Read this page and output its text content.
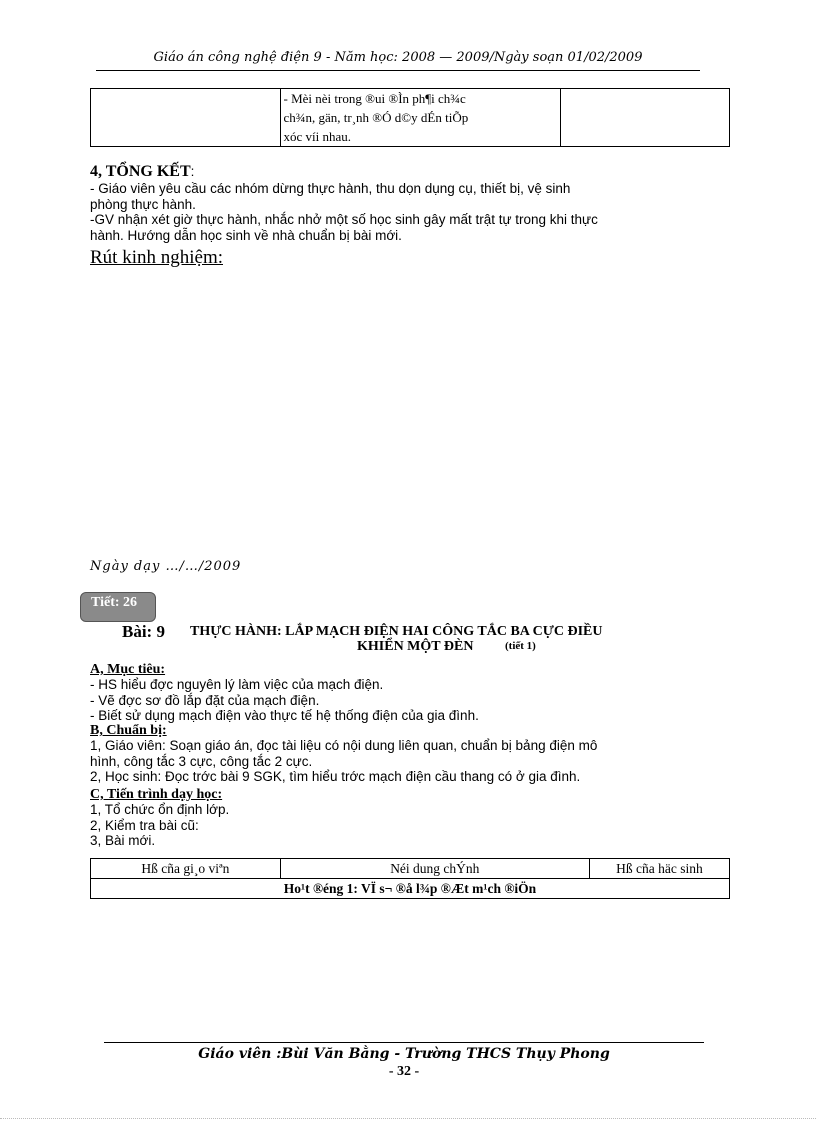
Giáo án công nghệ điện 9 - Năm học: 2008 — 2009/Ngày soạn 01/02/2009

- Mèi nèi trong ®ui ®Ìn ph¶i ch¾c
ch¾n, gän, tr¸nh ®Ó d©y dÉn tiÕp
xóc víi nhau.

4, TỔNG KẾT:
- Giáo viên yêu cầu các nhóm dừng thực hành, thu dọn dụng cụ, thiết bị, vệ sinh
phòng thực hành.
-GV nhận xét giờ thực hành, nhắc nhở một số học sinh gây mất trật tự trong khi thực
hành. Hướng dẫn học sinh về nhà chuẩn bị bài mới.
Rút kinh nghiệm:
Ngày dạy …/…/2009
Tiết: 26
Bài: 9 THỰC HÀNH: LẮP MẠCH ĐIỆN HAI CÔNG TẮC BA CỰC ĐIỀU
KHIỂN MỘT ĐÈN	(tiết 1)
A, Mục tiêu:
- HS hiểu đợc nguyên lý làm việc của mạch điện.
- Vẽ đợc sơ đồ lắp đặt của mạch điện.
- Biết sử dụng mạch điện vào thực tế hệ thống điện của gia đình.
B, Chuẩn bị:
1, Giáo viên: Soạn giáo án, đọc tài liệu có nội dung liên quan, chuẩn bị bảng điện mô
hình, công tắc 3 cực, công tắc 2 cực.
2, Học sinh: Đọc trớc bài 9 SGK, tìm hiểu trớc mạch điện cầu thang có ở gia đình.
C, Tiến trình dạy học:
1, Tổ chức ổn định lớp.
2, Kiểm tra bài cũ:
3, Bài mới.
Hß cña gi¸o viªn	Néi dung chÝnh	Hß cña häc sinh
Ho¹t ®éng 1: VÏ s¬ ®å l¾p ®Æt m¹ch ®iÖn
Giáo viên :Bùi Văn Bằng - Trường THCS Thụy Phong
- 32 -
